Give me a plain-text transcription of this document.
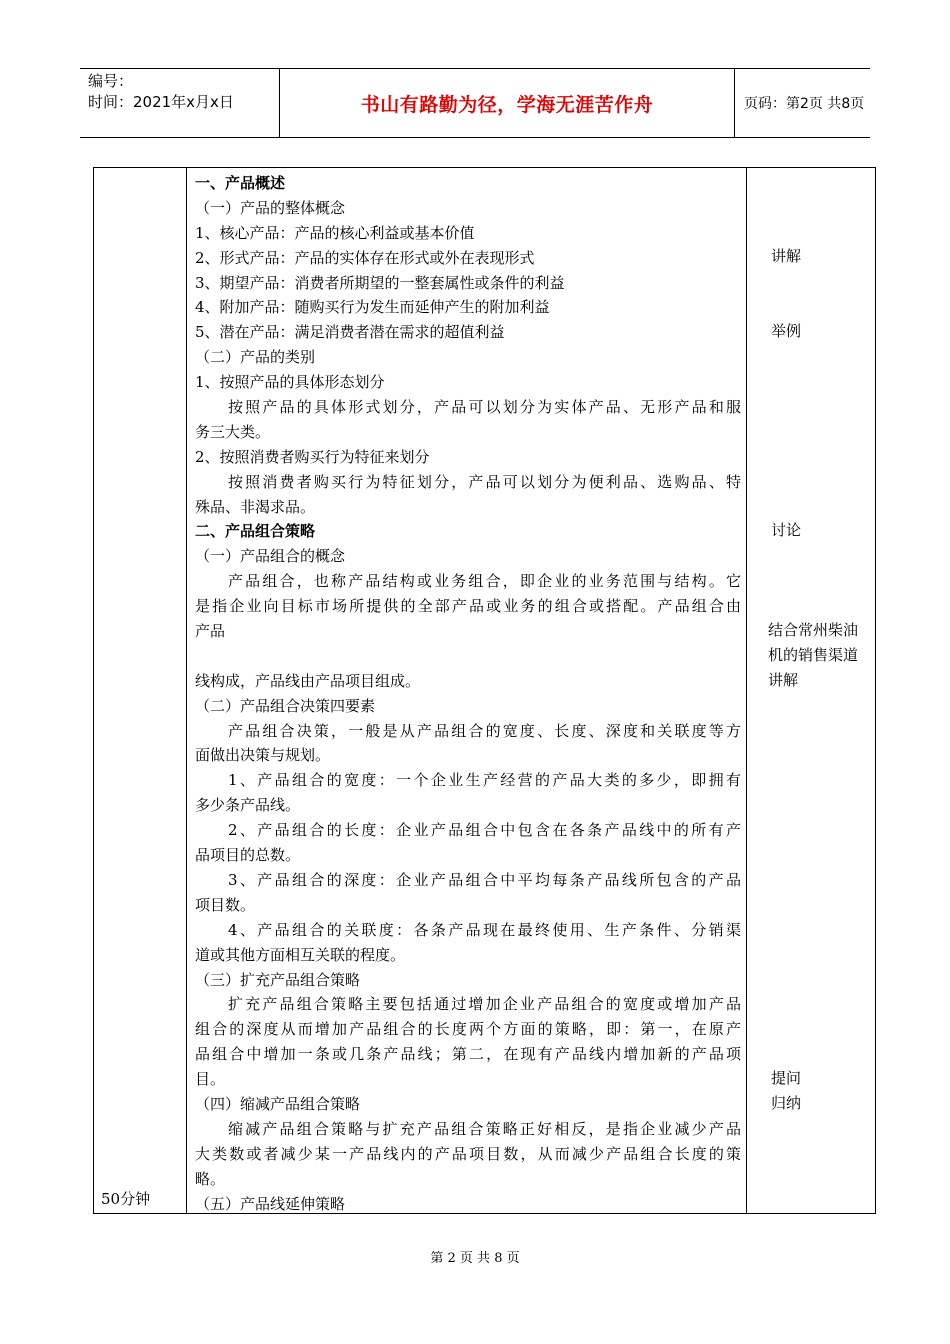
编号：
时间：2021年x月x日	书山有路勤为径，学海无涯苦作舟	页码：第2页 共8页
50分钟
一、产品概述
（一）产品的整体概念
1、核心产品：产品的核心利益或基本价值
2、形式产品：产品的实体存在形式或外在表现形式
3、期望产品：消费者所期望的一整套属性或条件的利益
4、附加产品：随购买行为发生而延伸产生的附加利益
5、潜在产品：满足消费者潜在需求的超值利益
（二）产品的类别
1、按照产品的具体形态划分
按照产品的具体形式划分，产品可以划分为实体产品、无形产品和服
务三大类。
2、按照消费者购买行为特征来划分
按照消费者购买行为特征划分，产品可以划分为便利品、选购品、特
殊品、非渴求品。
二、产品组合策略
（一）产品组合的概念
产品组合，也称产品结构或业务组合，即企业的业务范围与结构。它
是指企业向目标市场所提供的全部产品或业务的组合或搭配。产品组合由
产品
线构成，产品线由产品项目组成。
（二）产品组合决策四要素
产品组合决策，一般是从产品组合的宽度、长度、深度和关联度等方
面做出决策与规划。
1、产品组合的宽度：一个企业生产经营的产品大类的多少，即拥有
多少条产品线。
2、产品组合的长度：企业产品组合中包含在各条产品线中的所有产
品项目的总数。
3、产品组合的深度：企业产品组合中平均每条产品线所包含的产品
项目数。
4、产品组合的关联度：各条产品现在最终使用、生产条件、分销渠
道或其他方面相互关联的程度。
（三）扩充产品组合策略
扩充产品组合策略主要包括通过增加企业产品组合的宽度或增加产品
组合的深度从而增加产品组合的长度两个方面的策略，即：第一，在原产
品组合中增加一条或几条产品线；第二，在现有产品线内增加新的产品项
目。
（四）缩减产品组合策略
缩减产品组合策略与扩充产品组合策略正好相反，是指企业减少产品
大类数或者减少某一产品线内的产品项目数，从而减少产品组合长度的策
略。
（五）产品线延伸策略
讲解
举例
讨论
结合常州柴油
机的销售渠道
讲解
提问
归纳
第 2 页 共 8 页
